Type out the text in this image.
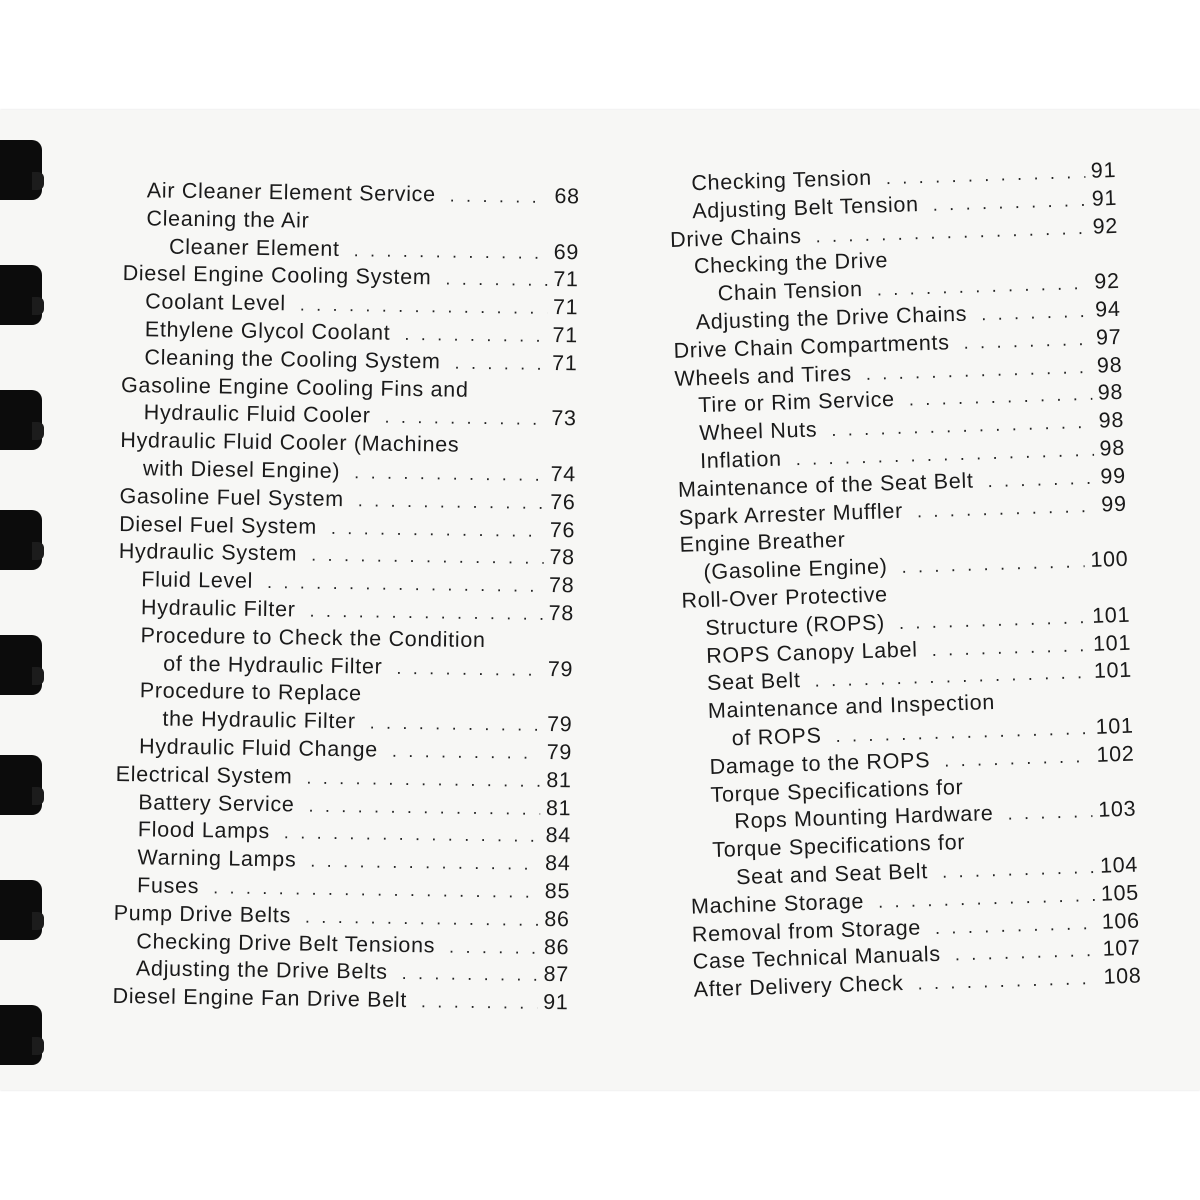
Air Cleaner Element Service . . .	68
Cleaning the Air
Cleaner Element . . .	69
Diesel Engine Cooling System . . .	71
Coolant Level . . .	71
Ethylene Glycol Coolant . . .	71
Cleaning the Cooling System . . .	71
Gasoline Engine Cooling Fins and
Hydraulic Fluid Cooler . . .	73
Hydraulic Fluid Cooler (Machines
with Diesel Engine) . . .	74
Gasoline Fuel System . . .	76
Diesel Fuel System . . .	76
Hydraulic System . . .	78
Fluid Level . . .	78
Hydraulic Filter . . .	78
Procedure to Check the Condition
of the Hydraulic Filter . . .	79
Procedure to Replace
the Hydraulic Filter . . .	79
Hydraulic Fluid Change . . .	79
Electrical System . . .	81
Battery Service . . .	81
Flood Lamps . . .	84
Warning Lamps . . .	84
Fuses . . .	85
Pump Drive Belts . . .	86
Checking Drive Belt Tensions . . .	86
Adjusting the Drive Belts . . .	87
Diesel Engine Fan Drive Belt . . .	91
Checking Tension . . .	91
Adjusting Belt Tension . . .	91
Drive Chains . . .	92
Checking the Drive
Chain Tension . . .	92
Adjusting the Drive Chains . . .	94
Drive Chain Compartments . . .	97
Wheels and Tires . . .	98
Tire or Rim Service . . .	98
Wheel Nuts . . .	98
Inflation . . .	98
Maintenance of the Seat Belt . . .	99
Spark Arrester Muffler . . .	99
Engine Breather
(Gasoline Engine) . . .	100
Roll-Over Protective
Structure (ROPS) . . .	101
ROPS Canopy Label . . .	101
Seat Belt . . .	101
Maintenance and Inspection
of ROPS . . .	101
Damage to the ROPS . . .	102
Torque Specifications for
Rops Mounting Hardware . . .	103
Torque Specifications for
Seat and Seat Belt . . .	104
Machine Storage . . .	105
Removal from Storage . . .	106
Case Technical Manuals . . .	107
After Delivery Check . . .	108
